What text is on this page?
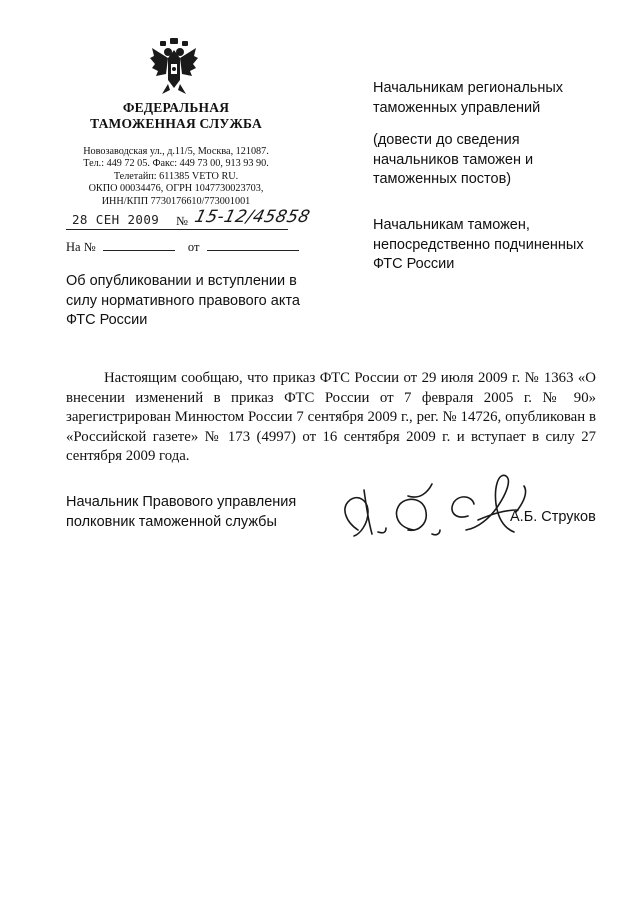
ФЕДЕРАЛЬНАЯ
ТАМОЖЕННАЯ СЛУЖБА
Новозаводская ул., д.11/5, Москва, 121087.
Тел.: 449 72 05. Факс: 449 73 00, 913 93 90.
Телетайп: 611385 VETO RU.
ОКПО 00034476, ОГРН 1047730023703,
ИНН/КПП 7730176610/773001001
28 СЕН 2009 № 15-12/45858
На №	от
Об опубликовании и вступлении в
силу нормативного правового акта
ФТС России
Начальникам региональных
таможенных управлений
(довести до сведения
начальников таможен и
таможенных постов)
Начальникам таможен,
непосредственно подчиненных
ФТС России

Настоящим сообщаю, что приказ ФТС России от 29 июля 2009 г. № 1363 «О внесении изменений в приказ ФТС России от 7 февраля 2005 г. № 90» зарегистрирован Минюстом России 7 сентября 2009 г., рег. № 14726, опубликован в «Российской газете» № 173 (4997) от 16 сентября 2009 г. и вступает в силу 27 сентября 2009 года.

Начальник Правового управления
полковник таможенной службы	А.Б. Струков
